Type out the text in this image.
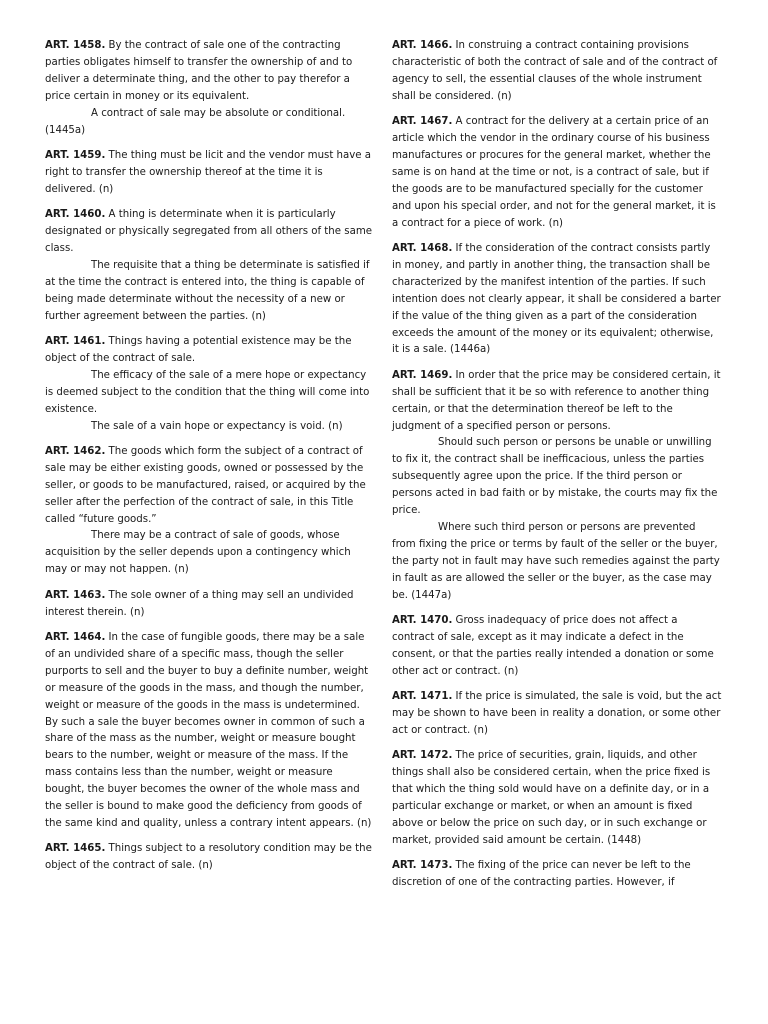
ART. 1458. By the contract of sale one of the contracting parties obligates himself to transfer the ownership of and to deliver a determinate thing, and the other to pay therefor a price certain in money or its equivalent.

A contract of sale may be absolute or conditional. (1445a)

ART. 1459. The thing must be licit and the vendor must have a right to transfer the ownership thereof at the time it is delivered. (n)

ART. 1460. A thing is determinate when it is particularly designated or physically segregated from all others of the same class.

The requisite that a thing be determinate is satisfied if at the time the contract is entered into, the thing is capable of being made determinate without the necessity of a new or further agreement between the parties. (n)

ART. 1461. Things having a potential existence may be the object of the contract of sale.

The efficacy of the sale of a mere hope or expectancy is deemed subject to the condition that the thing will come into existence.

The sale of a vain hope or expectancy is void. (n)

ART. 1462. The goods which form the subject of a contract of sale may be either existing goods, owned or possessed by the seller, or goods to be manufactured, raised, or acquired by the seller after the perfection of the contract of sale, in this Title called “future goods.”

There may be a contract of sale of goods, whose acquisition by the seller depends upon a contingency which may or may not happen. (n)

ART. 1463. The sole owner of a thing may sell an undivided interest therein. (n)

ART. 1464. In the case of fungible goods, there may be a sale of an undivided share of a specific mass, though the seller purports to sell and the buyer to buy a definite number, weight or measure of the goods in the mass, and though the number, weight or measure of the goods in the mass is undetermined. By such a sale the buyer becomes owner in common of such a share of the mass as the number, weight or measure bought bears to the number, weight or measure of the mass. If the mass contains less than the number, weight or measure bought, the buyer becomes the owner of the whole mass and the seller is bound to make good the deficiency from goods of the same kind and quality, unless a contrary intent appears. (n)

ART. 1465. Things subject to a resolutory condition may be the object of the contract of sale. (n)

ART. 1466. In construing a contract containing provisions characteristic of both the contract of sale and of the contract of agency to sell, the essential clauses of the whole instrument shall be considered. (n)

ART. 1467. A contract for the delivery at a certain price of an article which the vendor in the ordinary course of his business manufactures or procures for the general market, whether the same is on hand at the time or not, is a contract of sale, but if the goods are to be manufactured specially for the customer and upon his special order, and not for the general market, it is a contract for a piece of work. (n)

ART. 1468. If the consideration of the contract consists partly in money, and partly in another thing, the transaction shall be characterized by the manifest intention of the parties. If such intention does not clearly appear, it shall be considered a barter if the value of the thing given as a part of the consideration exceeds the amount of the money or its equivalent; otherwise, it is a sale. (1446a)

ART. 1469. In order that the price may be considered certain, it shall be sufficient that it be so with reference to another thing certain, or that the determination thereof be left to the judgment of a specified person or persons.

Should such person or persons be unable or unwilling to fix it, the contract shall be inefficacious, unless the parties subsequently agree upon the price. If the third person or persons acted in bad faith or by mistake, the courts may fix the price.

Where such third person or persons are prevented from fixing the price or terms by fault of the seller or the buyer, the party not in fault may have such remedies against the party in fault as are allowed the seller or the buyer, as the case may be. (1447a)

ART. 1470. Gross inadequacy of price does not affect a contract of sale, except as it may indicate a defect in the consent, or that the parties really intended a donation or some other act or contract. (n)

ART. 1471. If the price is simulated, the sale is void, but the act may be shown to have been in reality a donation, or some other act or contract. (n)

ART. 1472. The price of securities, grain, liquids, and other things shall also be considered certain, when the price fixed is that which the thing sold would have on a definite day, or in a particular exchange or market, or when an amount is fixed above or below the price on such day, or in such exchange or market, provided said amount be certain. (1448)

ART. 1473. The fixing of the price can never be left to the discretion of one of the contracting parties. However, if
